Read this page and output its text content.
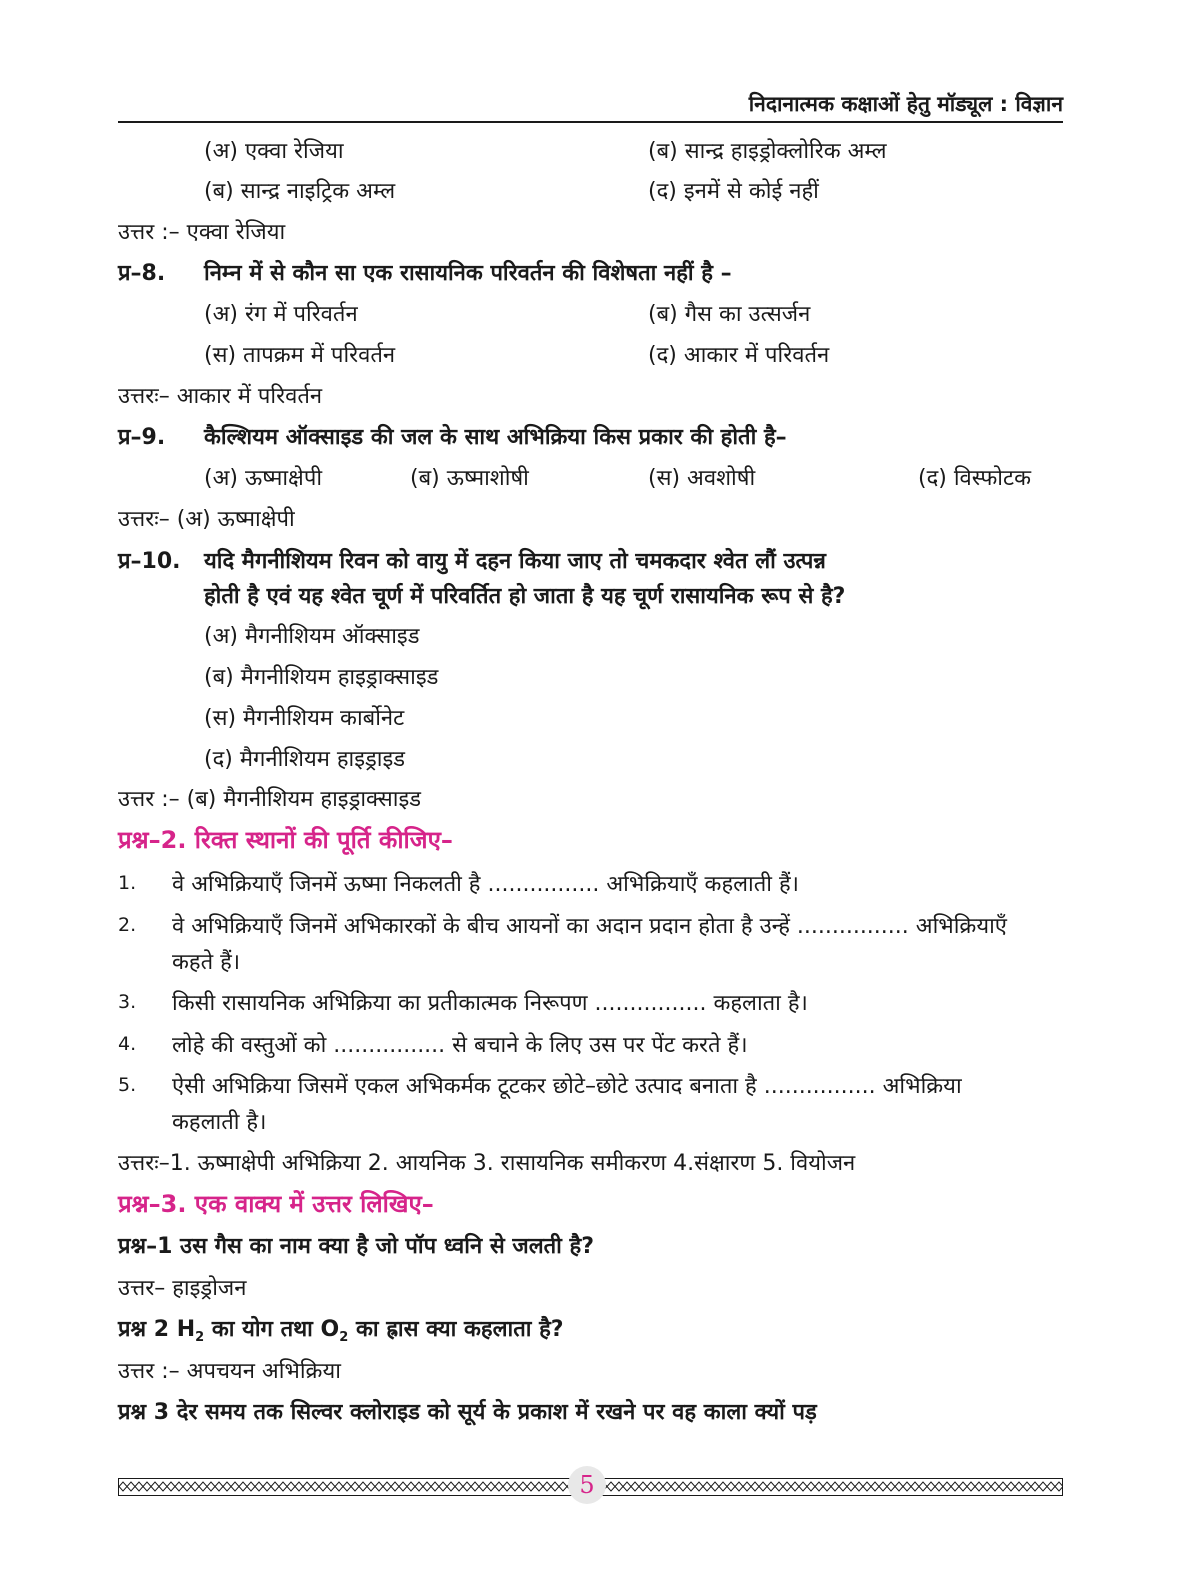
निदानात्मक कक्षाओं हेतु मॉड्यूल : विज्ञान
(अ) एक्वा रेजिया	(ब) सान्द्र हाइड्रोक्लोरिक अम्ल
(ब) सान्द्र नाइट्रिक अम्ल	(द) इनमें से कोई नहीं
उत्तर :– एक्वा रेजिया
प्र–8. निम्न में से कौन सा एक रासायनिक परिवर्तन की विशेषता नहीं है –
(अ) रंग में परिवर्तन	(ब) गैस का उत्सर्जन
(स) तापक्रम में परिवर्तन	(द) आकार में परिवर्तन
उत्तरः– आकार में परिवर्तन
प्र–9. कैल्शियम ऑक्साइड की जल के साथ अभिक्रिया किस प्रकार की होती है–
(अ) ऊष्माक्षेपी	(ब) ऊष्माशोषी	(स) अवशोषी	(द) विस्फोटक
उत्तरः– (अ) ऊष्माक्षेपी
प्र–10. यदि मैगनीशियम रिवन को वायु में दहन किया जाए तो चमकदार श्वेत लौं उत्पन्न
होती है एवं यह श्वेत चूर्ण में परिवर्तित हो जाता है यह चूर्ण रासायनिक रूप से है?
(अ) मैगनीशियम ऑक्साइड
(ब) मैगनीशियम हाइड्राक्साइड
(स) मैगनीशियम कार्बोनेट
(द) मैगनीशियम हाइड्राइड
उत्तर :– (ब) मैगनीशियम हाइड्राक्साइड
प्रश्न–2. रिक्त स्थानों की पूर्ति कीजिए–
1. वे अभिक्रियाएँ जिनमें ऊष्मा निकलती है ................ अभिक्रियाएँ कहलाती हैं।
2. वे अभिक्रियाएँ जिनमें अभिकारकों के बीच आयनों का अदान प्रदान होता है उन्हें ................ अभिक्रियाएँ
कहते हैं।
3. किसी रासायनिक अभिक्रिया का प्रतीकात्मक निरूपण ................ कहलाता है।
4. लोहे की वस्तुओं को ................ से बचाने के लिए उस पर पेंट करते हैं।
5. ऐसी अभिक्रिया जिसमें एकल अभिकर्मक टूटकर छोटे–छोटे उत्पाद बनाता है ................ अभिक्रिया
कहलाती है।
उत्तरः–1. ऊष्माक्षेपी अभिक्रिया 2. आयनिक 3. रासायनिक समीकरण 4.संक्षारण 5. वियोजन
प्रश्न–3. एक वाक्य में उत्तर लिखिए–
प्रश्न–1 उस गैस का नाम क्या है जो पॉप ध्वनि से जलती है?
उत्तर– हाइड्रोजन
प्रश्न 2 $H_2$ का योग तथा $O_2$ का ह्रास क्या कहलाता है?
उत्तर :– अपचयन अभिक्रिया
प्रश्न 3 देर समय तक सिल्वर क्लोराइड को सूर्य के प्रकाश में रखने पर वह काला क्यों पड़
5
